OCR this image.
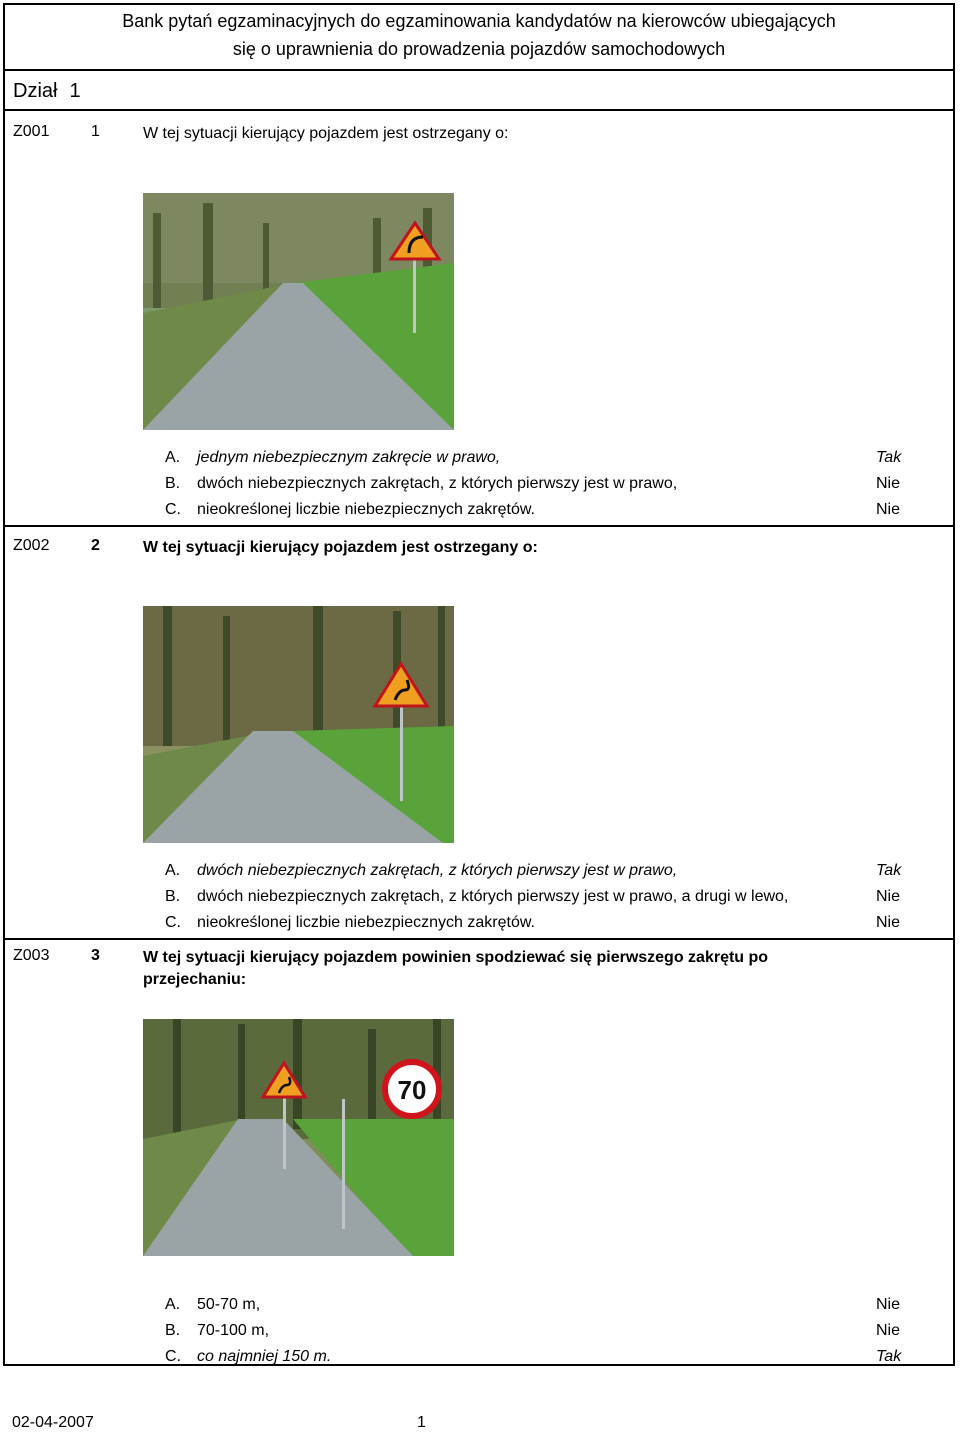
Bank pytań egzaminacyjnych do egzaminowania kandydatów na kierowców ubiegających
się o uprawnienia do prowadzenia pojazdów samochodowych
Dział 1
Z001	1	W tej sytuacji kierujący pojazdem jest ostrzegany o:
A. jednym niebezpiecznym zakręcie w prawo,	Tak
B. dwóch niebezpiecznych zakrętach, z których pierwszy jest w prawo,	Nie
C. nieokreślonej liczbie niebezpiecznych zakrętów.	Nie
Z002	2	W tej sytuacji kierujący pojazdem jest ostrzegany o:
A. dwóch niebezpiecznych zakrętach, z których pierwszy jest w prawo,	Tak
B. dwóch niebezpiecznych zakrętach, z których pierwszy jest w prawo, a drugi w lewo,	Nie
C. nieokreślonej liczbie niebezpiecznych zakrętów.	Nie
Z003	3	W tej sytuacji kierujący pojazdem powinien spodziewać się pierwszego zakrętu po
przejechaniu:
70
A. 50-70 m,	Nie
B. 70-100 m,	Nie
C. co najmniej 150 m.	Tak
02-04-2007	1
